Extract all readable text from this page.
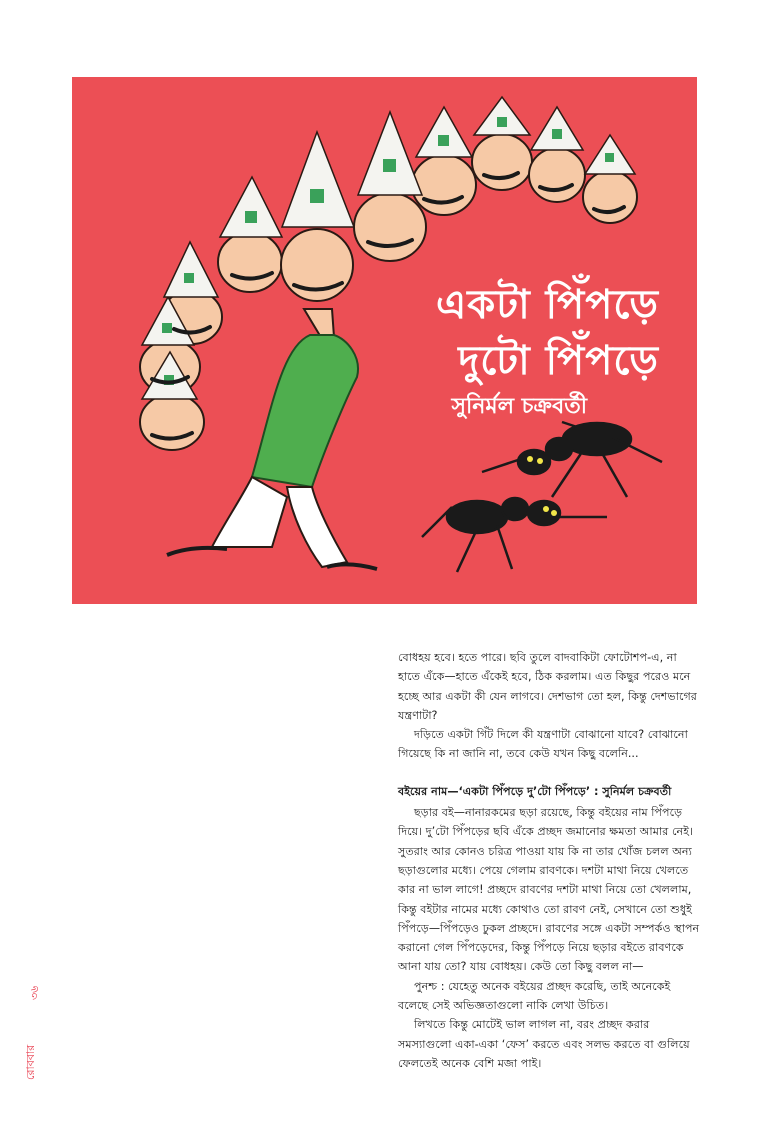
একটা পিঁপড়ে
দুটো পিঁপড়ে
সুনির্মল চক্রবর্তী

বোধহয় হবে। হতে পারে। ছবি তুলে বাদবাকিটা ফোটোশপ-এ, না হাতে এঁকে—হাতে এঁকেই হবে, ঠিক করলাম। এত কিছুর পরেও মনে হচ্ছে আর একটা কী যেন লাগবে। দেশভাগ তো হল, কিন্তু দেশভাগের যন্ত্রণাটা?

দড়িতে একটা গিঁট দিলে কী যন্ত্রণাটা বোঝানো যাবে? বোঝানো গিয়েছে কি না জানি না, তবে কেউ যখন কিছু বলেনি...

বইয়ের নাম—‘একটা পিঁপড়ে দু’টো পিঁপড়ে’ : সুনির্মল চক্রবর্তী

ছড়ার বই—নানারকমের ছড়া রয়েছে, কিন্তু বইয়ের নাম পিঁপড়ে দিয়ে। দু’টো পিঁপড়ের ছবি এঁকে প্রচ্ছদ জমানোর ক্ষমতা আমার নেই। সুতরাং আর কোনও চরিত্র পাওয়া যায় কি না তার খোঁজ চলল অন্য ছড়াগুলোর মধ্যে। পেয়ে গেলাম রাবণকে। দশটা মাথা নিয়ে খেলতে কার না ভাল লাগে! প্রচ্ছদে রাবণের দশটা মাথা নিয়ে তো খেললাম, কিন্তু বইটার নামের মধ্যে কোথাও তো রাবণ নেই, সেখানে তো শুধুই পিঁপড়ে—পিঁপড়েও ঢুকল প্রচ্ছদে। রাবণের সঙ্গে একটা সম্পর্কও স্থাপন করানো গেল পিঁপড়েদের, কিন্তু পিঁপড়ে নিয়ে ছড়ার বইতে রাবণকে আনা যায় তো? যায় বোধহয়। কেউ তো কিছু বলল না—

পুনশ্চ : যেহেতু অনেক বইয়ের প্রচ্ছদ করেছি, তাই অনেকেই বলেছে সেই অভিজ্ঞতাগুলো নাকি লেখা উচিত।

লিখতে কিন্তু মোটেই ভাল লাগল না, বরং প্রচ্ছদ করার সমস্যাগুলো একা-একা ‘ফেস’ করতে এবং সলভ করতে বা গুলিয়ে ফেলতেই অনেক বেশি মজা পাই।

৩৬
রোববার
